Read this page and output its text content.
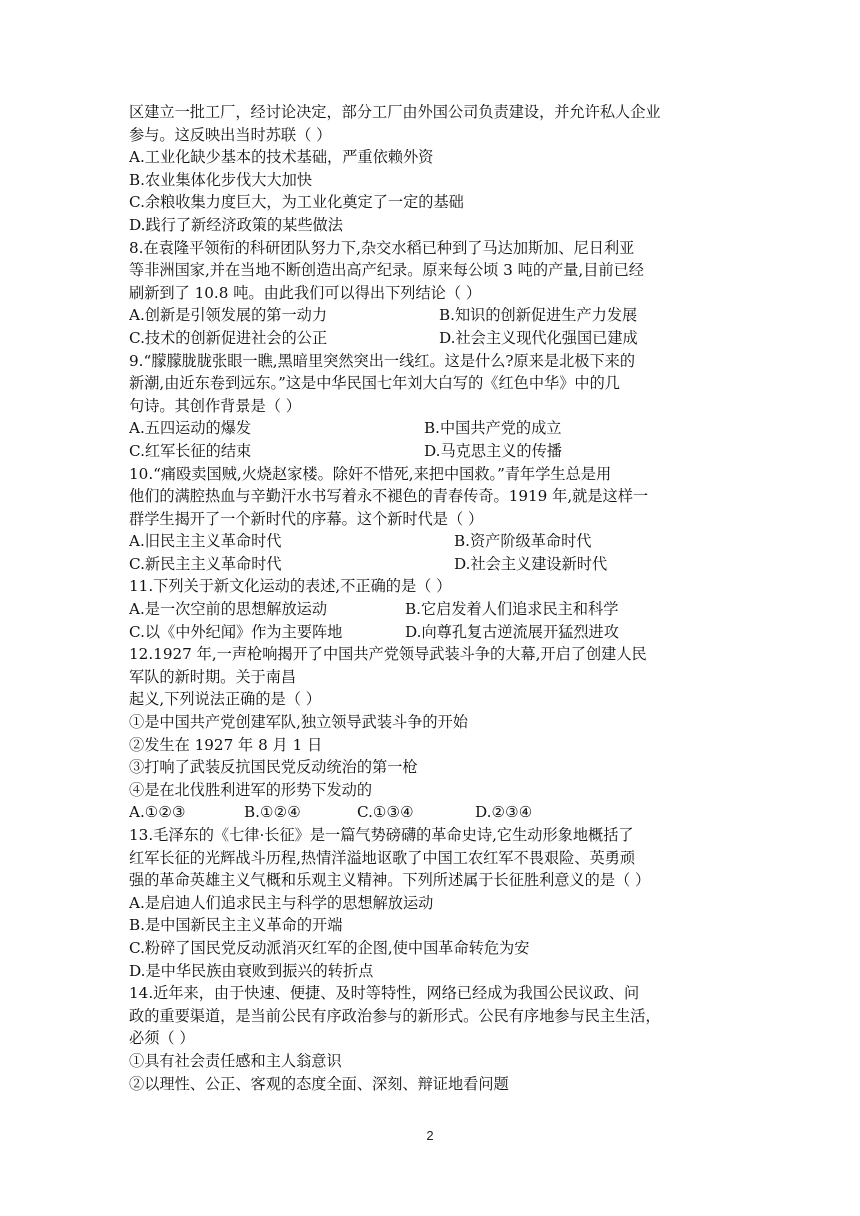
区建立一批工厂，经讨论决定，部分工厂由外国公司负责建设，并允许私人企业
参与。这反映出当时苏联（ ）
A.工业化缺少基本的技术基础，严重依赖外资
B.农业集体化步伐大大加快
C.余粮收集力度巨大，为工业化奠定了一定的基础
D.践行了新经济政策的某些做法
8.在袁隆平领衔的科研团队努力下,杂交水稻已种到了马达加斯加、尼日利亚
等非洲国家,并在当地不断创造出高产纪录。原来每公顷 3 吨的产量,目前已经
刷新到了 10.8 吨。由此我们可以得出下列结论（ ）
A.创新是引领发展的第一动力	B.知识的创新促进生产力发展
C.技术的创新促进社会的公正	D.社会主义现代化强国已建成
9.“朦朦胧胧张眼一瞧,黑暗里突然突出一线红。这是什么?原来是北极下来的
新潮,由近东卷到远东。”这是中华民国七年刘大白写的《红色中华》中的几
句诗。其创作背景是（ ）
A.五四运动的爆发	B.中国共产党的成立
C.红军长征的结束	D.马克思主义的传播
10.“痛殴卖国贼,火烧赵家楼。除奸不惜死,来把中国救。”青年学生总是用
他们的满腔热血与辛勤汗水书写着永不褪色的青春传奇。1919 年,就是这样一
群学生揭开了一个新时代的序幕。这个新时代是（ ）
A.旧民主主义革命时代	B.资产阶级革命时代
C.新民主主义革命时代	D.社会主义建设新时代
11.下列关于新文化运动的表述,不正确的是（ ）
A.是一次空前的思想解放运动	B.它启发着人们追求民主和科学
C.以《中外纪闻》作为主要阵地	D.向尊孔复古逆流展开猛烈进攻
12.1927 年,一声枪响揭开了中国共产党领导武装斗争的大幕,开启了创建人民
军队的新时期。关于南昌
起义,下列说法正确的是（ ）
①是中国共产党创建军队,独立领导武装斗争的开始
②发生在 1927 年 8 月 1 日
③打响了武装反抗国民党反动统治的第一枪
④是在北伐胜利进军的形势下发动的
A.①②③	B.①②④	C.①③④	D.②③④
13.毛泽东的《七律·长征》是一篇气势磅礴的革命史诗,它生动形象地概括了
红军长征的光辉战斗历程,热情洋溢地讴歌了中国工农红军不畏艰险、英勇顽
强的革命英雄主义气概和乐观主义精神。下列所述属于长征胜利意义的是（ ）
A.是启迪人们追求民主与科学的思想解放运动
B.是中国新民主主义革命的开端
C.粉碎了国民党反动派消灭红军的企图,使中国革命转危为安
D.是中华民族由衰败到振兴的转折点
14.近年来，由于快速、便捷、及时等特性，网络已经成为我国公民议政、问
政的重要渠道，是当前公民有序政治参与的新形式。公民有序地参与民主生活，
必须（ ）
①具有社会责任感和主人翁意识
②以理性、公正、客观的态度全面、深刻、辩证地看问题
2
